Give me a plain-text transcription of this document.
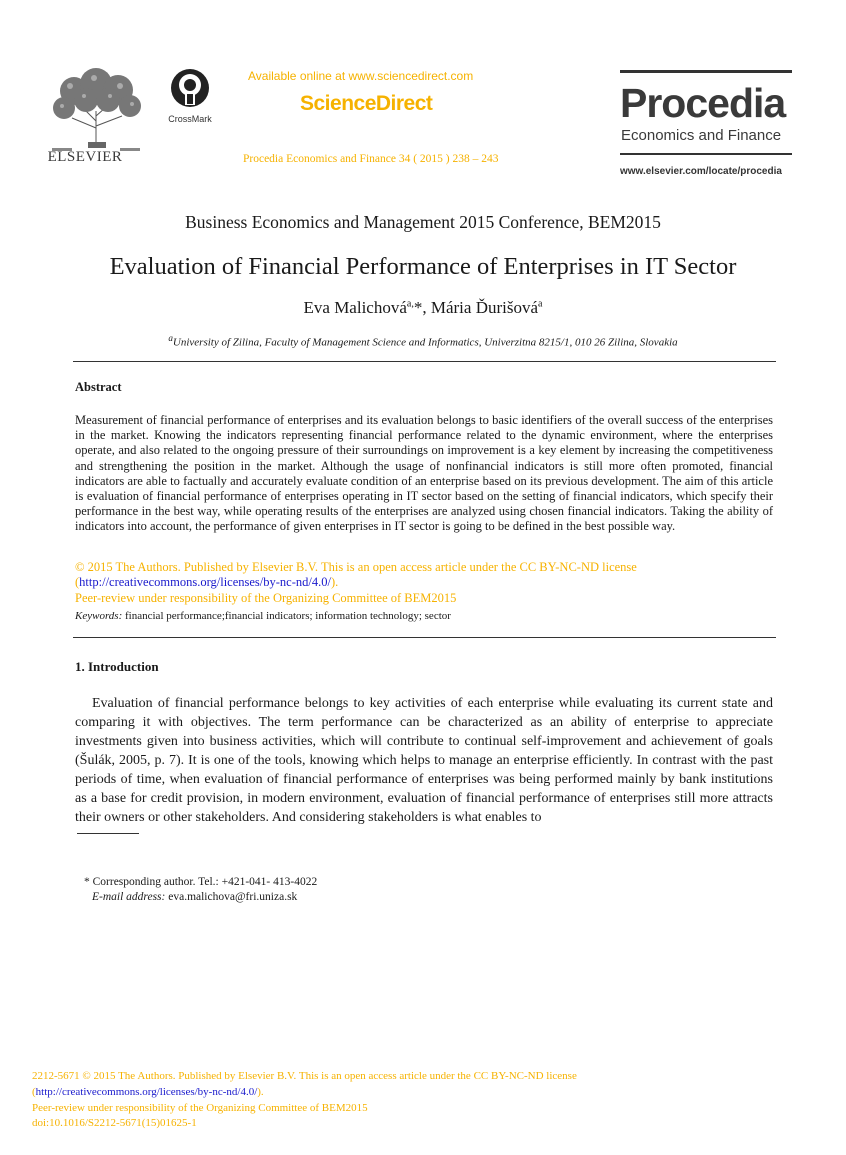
ELSEVIER
CrossMark
Available online at www.sciencedirect.com
ScienceDirect
Procedia Economics and Finance 34 ( 2015 ) 238 – 243
Procedia
Economics and Finance
www.elsevier.com/locate/procedia
Business Economics and Management 2015 Conference, BEM2015
Evaluation of Financial Performance of Enterprises in IT Sector
Eva Malichová$^{a,}$*, Mária Ďurišová$^a$
$^a$University of Zilina, Faculty of Management Science and Informatics, Univerzitna 8215/1, 010 26 Zilina, Slovakia
Abstract
Measurement of financial performance of enterprises and its evaluation belongs to basic identifiers of the overall success of the enterprises in the market. Knowing the indicators representing financial performance related to the dynamic environment, where the enterprises operate, and also related to the ongoing pressure of their surroundings on improvement is a key element by increasing the competitiveness and strengthening the position in the market. Although the usage of nonfinancial indicators is still more often promoted, financial indicators are able to factually and accurately evaluate condition of an enterprise based on its previous development. The aim of this article is evaluation of financial performance of enterprises operating in IT sector based on the setting of financial indicators, which specify their performance in the best way, while operating results of the enterprises are analyzed using chosen financial indicators. Taking the ability of indicators into account, the performance of given enterprises in IT sector is going to be defined in the best possible way.
© 2015 The Authors. Published by Elsevier B.V. This is an open access article under the CC BY-NC-ND license
(http://creativecommons.org/licenses/by-nc-nd/4.0/).
Peer-review under responsibility of the Organizing Committee of BEM2015
Keywords: financial performance;financial indicators; information technology; sector
1. Introduction
Evaluation of financial performance belongs to key activities of each enterprise while evaluating its current state and comparing it with objectives. The term performance can be characterized as an ability of enterprise to appreciate investments given into business activities, which will contribute to continual self-improvement and achievement of goals (Šulák, 2005, p. 7). It is one of the tools, knowing which helps to manage an enterprise efficiently. In contrast with the past periods of time, when evaluation of financial performance of enterprises was being performed mainly by bank institutions as a base for credit provision, in modern environment, evaluation of financial performance of enterprises still more attracts their owners or other stakeholders. And considering stakeholders is what enables to
* Corresponding author. Tel.: +421-041- 413-4022
E-mail address: eva.malichova@fri.uniza.sk
2212-5671 © 2015 The Authors. Published by Elsevier B.V. This is an open access article under the CC BY-NC-ND license
(http://creativecommons.org/licenses/by-nc-nd/4.0/).
Peer-review under responsibility of the Organizing Committee of BEM2015
doi:10.1016/S2212-5671(15)01625-1
